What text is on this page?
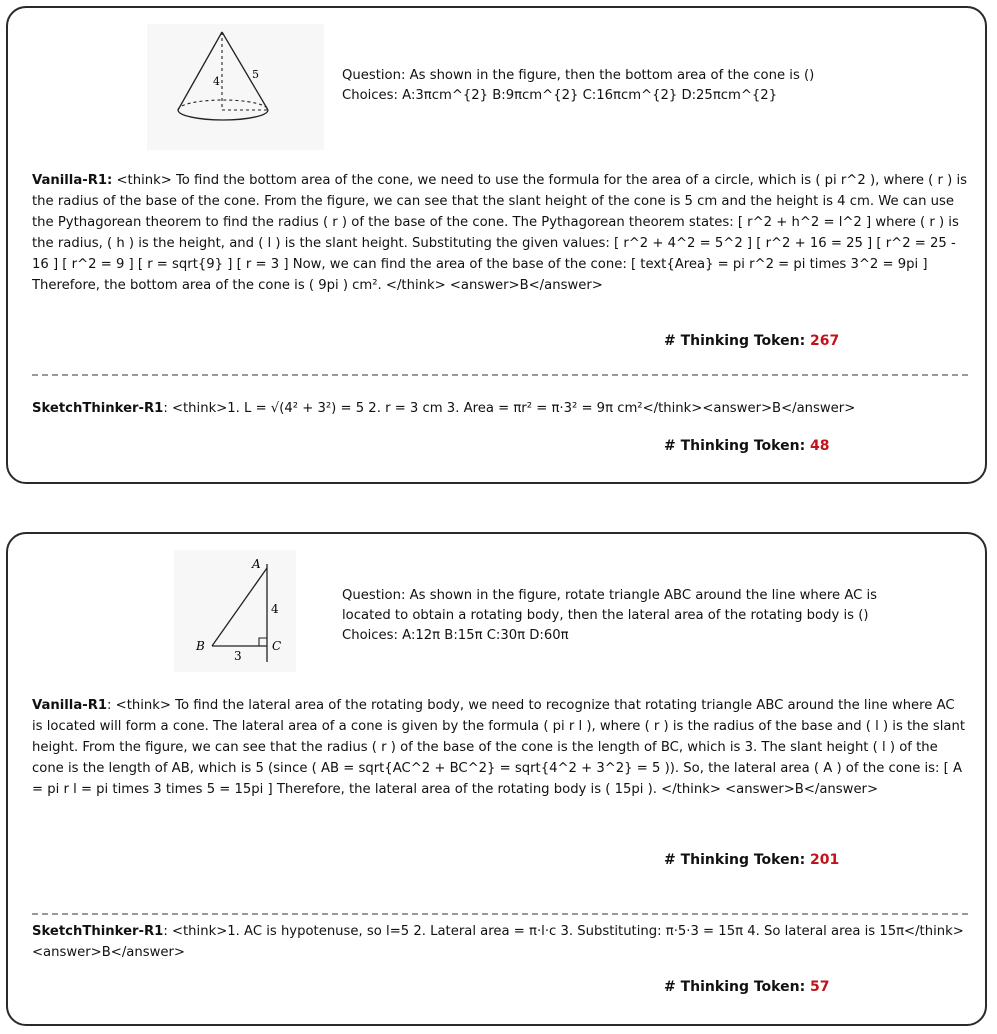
5
4	Question: As shown in the figure, then the bottom area of the cone is ()
Choices: A:3πcm^{2} B:9πcm^{2} C:16πcm^{2} D:25πcm^{2}
Vanilla-R1: <think> To find the bottom area of the cone, we need to use the formula for the area of a circle, which is ( pi r^2 ), where ( r ) is the radius of the base of the cone. From the figure, we can see that the slant height of the cone is 5 cm and the height is 4 cm. We can use the Pythagorean theorem to find the radius ( r ) of the base of the cone. The Pythagorean theorem states: [ r^2 + h^2 = l^2 ] where ( r ) is the radius, ( h ) is the height, and ( l ) is the slant height. Substituting the given values: [ r^2 + 4^2 = 5^2 ] [ r^2 + 16 = 25 ] [ r^2 = 25 - 16 ] [ r^2 = 9 ] [ r = sqrt{9} ] [ r = 3 ] Now, we can find the area of the base of the cone: [ text{Area} = pi r^2 = pi times 3^2 = 9pi ] Therefore, the bottom area of the cone is ( 9pi ) cm². </think> <answer>B</answer>
# Thinking Token: 267
SketchThinker-R1: <think>1. L = √(4² + 3²) = 5 2. r = 3 cm 3. Area = πr² = π·3² = 9π cm²</think><answer>B</answer>
# Thinking Token: 48
A
B	C
4
3
Question: As shown in the figure, rotate triangle ABC around the line where AC is located to obtain a rotating body, then the lateral area of the rotating body is () Choices: A:12π B:15π C:30π D:60π
Vanilla-R1: <think> To find the lateral area of the rotating body, we need to recognize that rotating triangle ABC around the line where AC is located will form a cone. The lateral area of a cone is given by the formula ( pi r l ), where ( r ) is the radius of the base and ( l ) is the slant height. From the figure, we can see that the radius ( r ) of the base of the cone is the length of BC, which is 3. The slant height ( l ) of the cone is the length of AB, which is 5 (since ( AB = sqrt{AC^2 + BC^2} = sqrt{4^2 + 3^2} = 5 )). So, the lateral area ( A ) of the cone is: [ A = pi r l = pi times 3 times 5 = 15pi ] Therefore, the lateral area of the rotating body is ( 15pi ). </think> <answer>B</answer>
# Thinking Token: 201
SketchThinker-R1: <think>1. AC is hypotenuse, so l=5 2. Lateral area = π·l·c 3. Substituting: π·5·3 = 15π 4. So lateral area is 15π</think><answer>B</answer>
# Thinking Token: 57
